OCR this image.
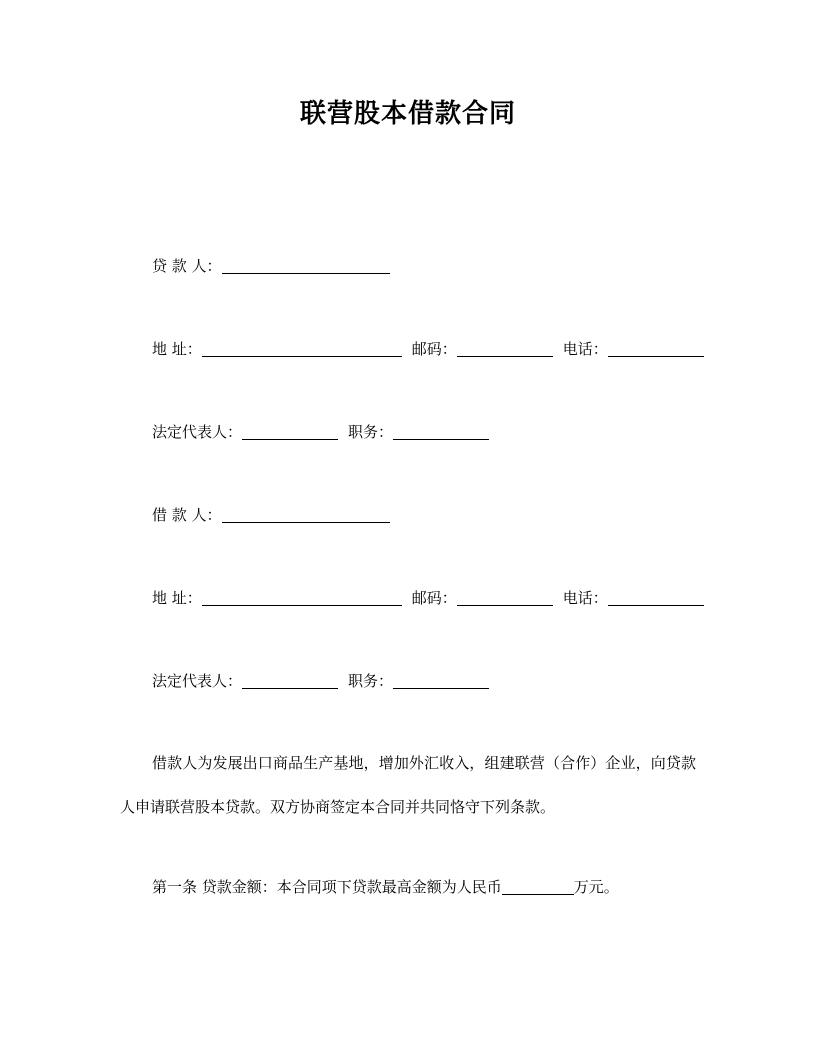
联营股本借款合同
贷 款 人：
地 址：	邮码：	电话：
法定代表人：	职务：
借 款 人：
地 址：	邮码：	电话：
法定代表人：	职务：
借款人为发展出口商品生产基地，增加外汇收入，组建联营（合作）企业，向贷款人申请联营股本贷款。双方协商签定本合同并共同恪守下列条款。
第一条 贷款金额：本合同项下贷款最高金额为人民币	万元。
